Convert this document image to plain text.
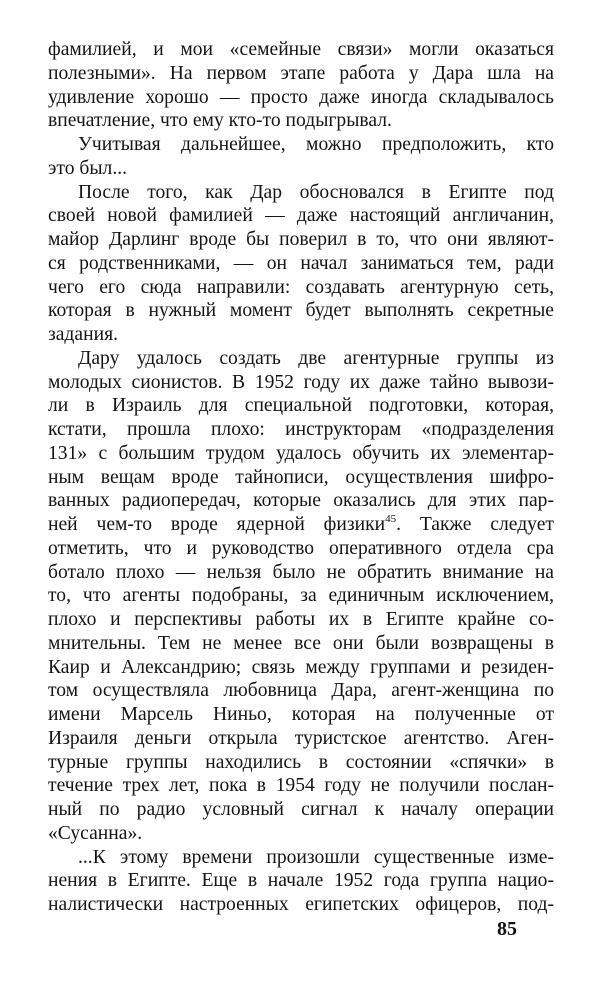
фамилией, и мои «семейные связи» могли оказаться
полезными». На первом этапе работа у Дара шла на
удивление хорошо — просто даже иногда складывалось
впечатление, что ему кто-то подыгрывал.
Учитывая дальнейшее, можно предположить, кто
это был...
После того, как Дар обосновался в Египте под
своей новой фамилией — даже настоящий англичанин,
майор Дарлинг вроде бы поверил в то, что они являют-
ся родственниками, — он начал заниматься тем, ради
чего его сюда направили: создавать агентурную сеть,
которая в нужный момент будет выполнять секретные
задания.
Дару удалось создать две агентурные группы из
молодых сионистов. В 1952 году их даже тайно вывози-
ли в Израиль для специальной подготовки, которая,
кстати, прошла плохо: инструкторам «подразделения
131» с большим трудом удалось обучить их элементар-
ным вещам вроде тайнописи, осуществления шифро-
ванных радиопередач, которые оказались для этих пар-
ней чем-то вроде ядерной физики$^{45}$. Также следует
отметить, что и руководство оперативного отдела сра
ботало плохо — нельзя было не обратить внимание на
то, что агенты подобраны, за единичным исключением,
плохо и перспективы работы их в Египте крайне со-
мнительны. Тем не менее все они были возвращены в
Каир и Александрию; связь между группами и резиден-
том осуществляла любовница Дара, агент-женщина по
имени Марсель Ниньо, которая на полученные от
Израиля деньги открыла туристское агентство. Аген-
турные группы находились в состоянии «спячки» в
течение трех лет, пока в 1954 году не получили послан-
ный по радио условный сигнал к началу операции
«Сусанна».
...К этому времени произошли существенные изме-
нения в Египте. Еще в начале 1952 года группа нацио-
налистически настроенных египетских офицеров, под-
85
